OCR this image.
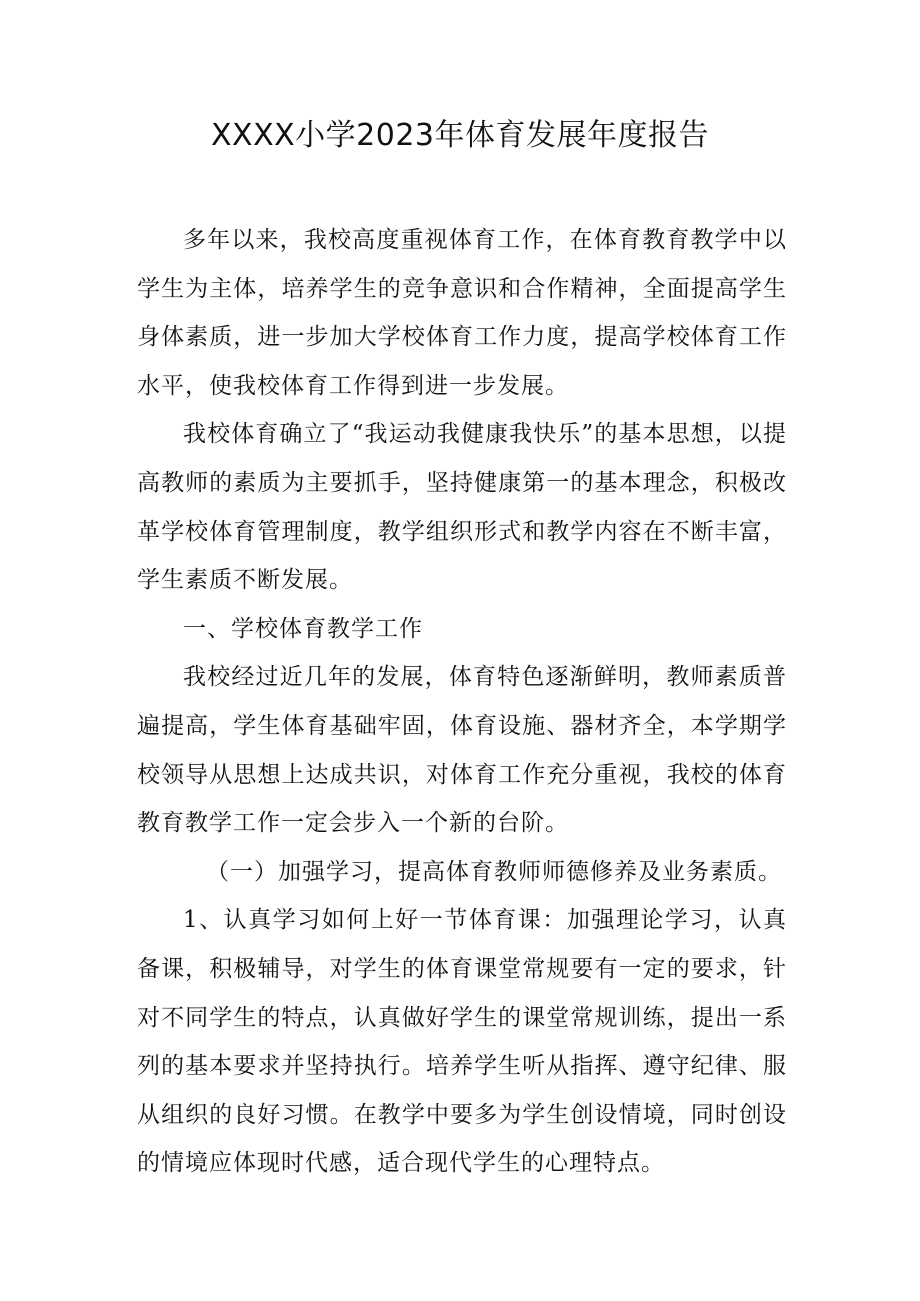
XXXX小学2023年体育发展年度报告

多年以来，我校高度重视体育工作，在体育教育教学中以学生为主体，培养学生的竞争意识和合作精神，全面提高学生身体素质，进一步加大学校体育工作力度，提高学校体育工作水平，使我校体育工作得到进一步发展。

我校体育确立了“我运动我健康我快乐”的基本思想，以提高教师的素质为主要抓手，坚持健康第一的基本理念，积极改革学校体育管理制度，教学组织形式和教学内容在不断丰富，学生素质不断发展。

一、学校体育教学工作

我校经过近几年的发展，体育特色逐渐鲜明，教师素质普遍提高，学生体育基础牢固，体育设施、器材齐全，本学期学校领导从思想上达成共识，对体育工作充分重视，我校的体育教育教学工作一定会步入一个新的台阶。

（一）加强学习，提高体育教师师德修养及业务素质。

1、认真学习如何上好一节体育课：加强理论学习，认真备课，积极辅导，对学生的体育课堂常规要有一定的要求，针对不同学生的特点，认真做好学生的课堂常规训练，提出一系列的基本要求并坚持执行。培养学生听从指挥、遵守纪律、服从组织的良好习惯。在教学中要多为学生创设情境，同时创设的情境应体现时代感，适合现代学生的心理特点。
